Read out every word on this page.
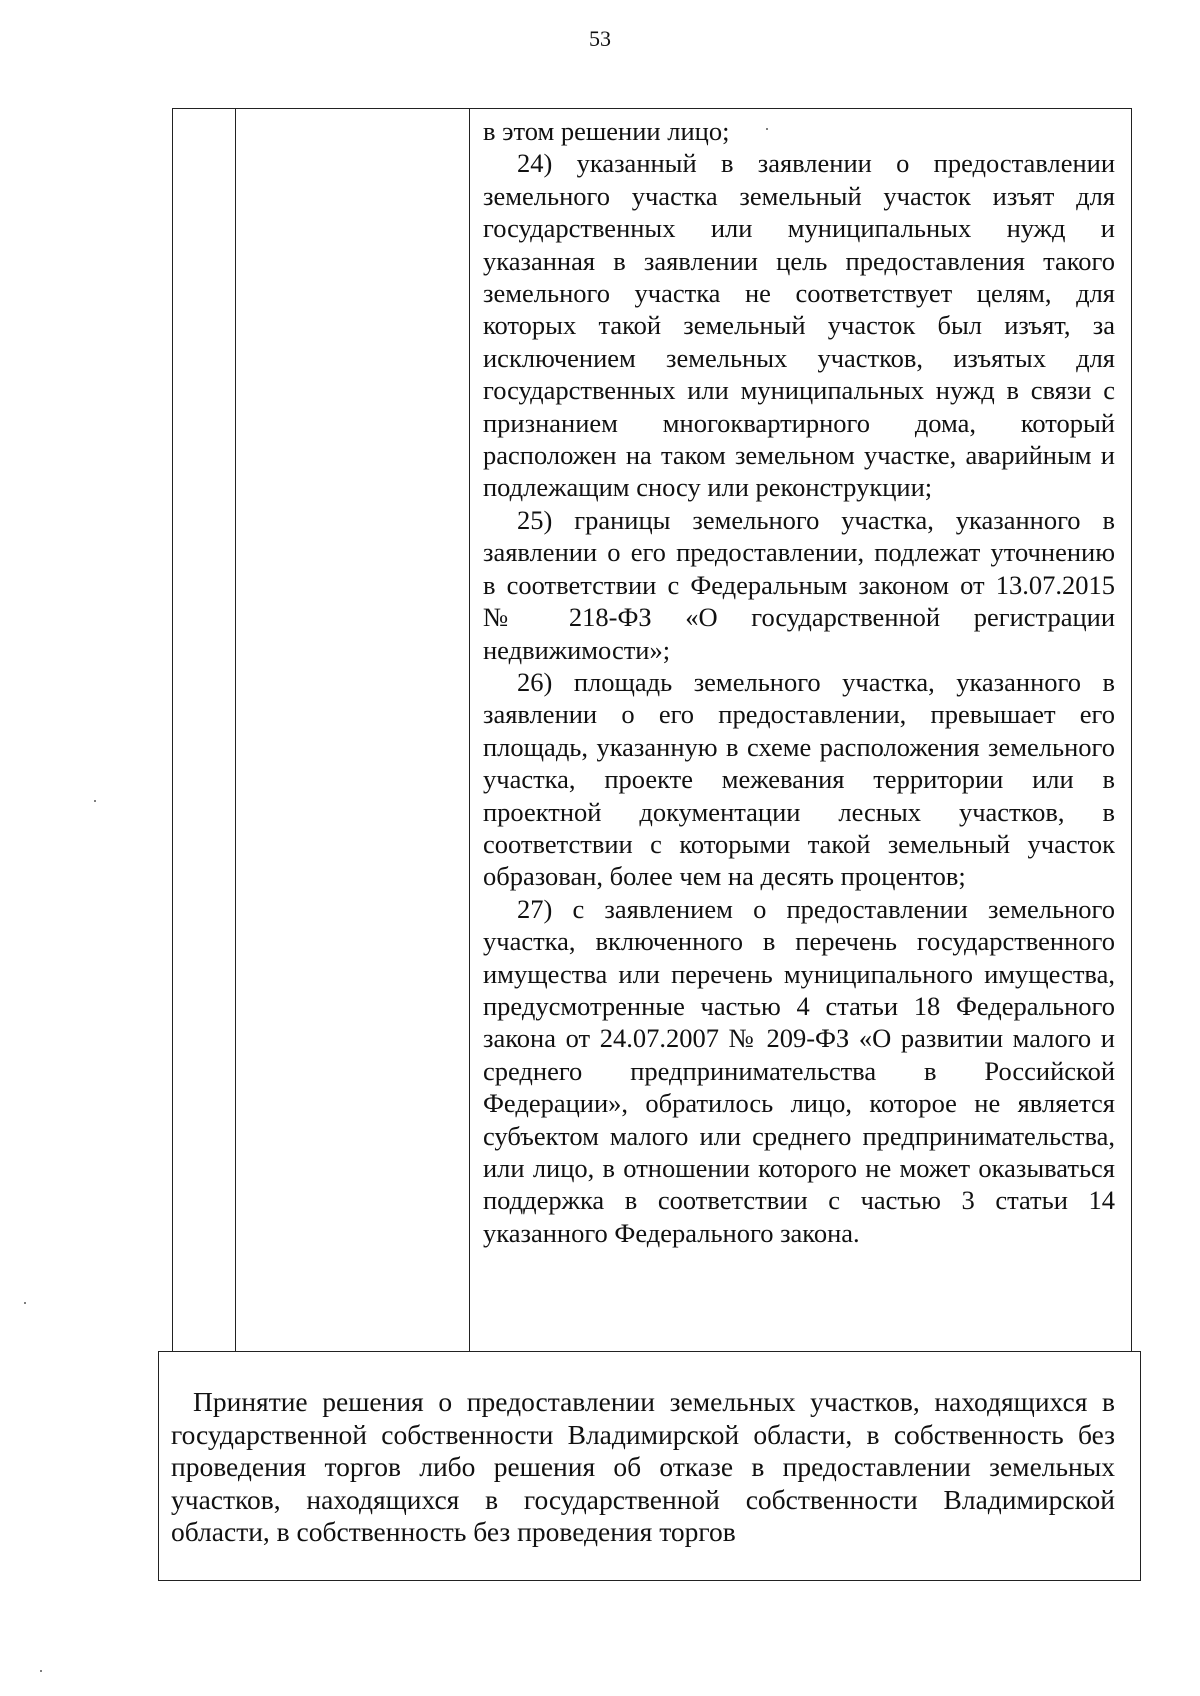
53

в этом решении лицо;

24) указанный в заявлении о предоставлении земельного участка земельный участок изъят для государственных или муниципальных нужд и указанная в заявлении цель предоставления такого земельного участка не соответствует целям, для которых такой земельный участок был изъят, за исключением земельных участков, изъятых для государственных или муниципальных нужд в связи с признанием многоквартирного дома, который расположен на таком земельном участке, аварийным и подлежащим сносу или реконструкции;

25) границы земельного участка, указанного в заявлении о его предоставлении, подлежат уточнению в соответствии с Федеральным законом от 13.07.2015 № 218-ФЗ «О государственной регистрации недвижимости»;

26) площадь земельного участка, указанного в заявлении о его предоставлении, превышает его площадь, указанную в схеме расположения земельного участка, проекте межевания территории или в проектной документации лесных участков, в соответствии с которыми такой земельный участок образован, более чем на десять процентов;

27) с заявлением о предоставлении земельного участка, включенного в перечень государственного имущества или перечень муниципального имущества, предусмотренные частью 4 статьи 18 Федерального закона от 24.07.2007 № 209-ФЗ «О развитии малого и среднего предпринимательства в Российской Федерации», обратилось лицо, которое не является субъектом малого или среднего предпринимательства, или лицо, в отношении которого не может оказываться поддержка в соответствии с частью 3 статьи 14 указанного Федерального закона.

Принятие решения о предоставлении земельных участков, находящихся в государственной собственности Владимирской области, в собственность без проведения торгов либо решения об отказе в предоставлении земельных участков, находящихся в государственной собственности Владимирской области, в собственность без проведения торгов
